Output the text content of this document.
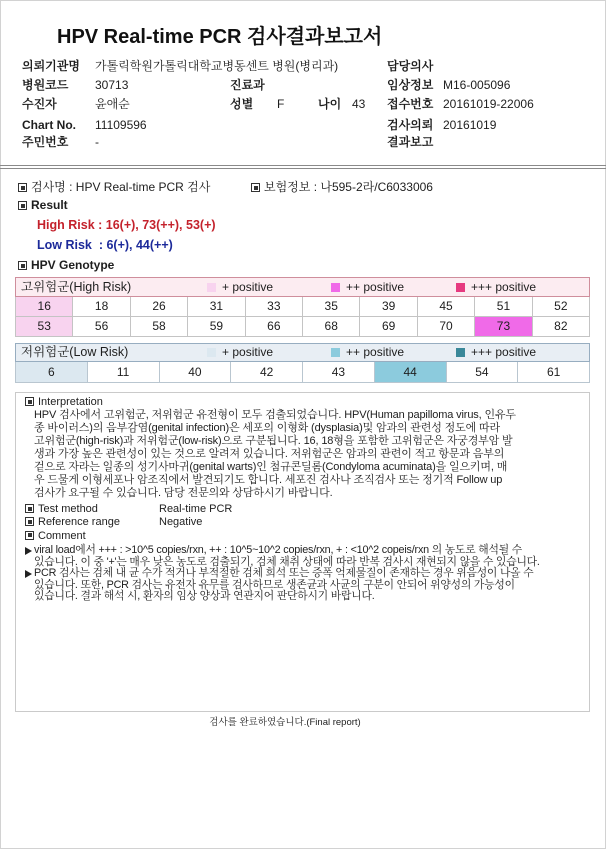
HPV Real-time PCR 검사결과보고서
의뢰기관명 가톨릭학원가톨릭대학교병동센트 병원(병리과)	담당의사
병원코드 30713	진료과	임상정보 M16-005096
수진자	윤애순	성별 F	나이 43 접수번호 20161019-22006
Chart No. 11109596	검사의뢰 20161019
주민번호 -	결과보고
검사명 : HPV Real-time PCR 검사	보험정보 : 나595-2라/C6033006
Result
High Risk : 16(+), 73(++), 53(+)
Low Risk  : 6(+), 44(++)
HPV Genotype
고위험군(High Risk)	+ positive	++ positive	+++ positive
16	18	26	31	33	35	39	45	51	52
53	56	58	59	66	68	69	70	73	82
저위험군(Low Risk)	+ positive	++ positive	+++ positive
6	11	40	42	43	44	54	61
Interpretation
HPV 검사에서 고위험군, 저위험군 유전형이 모두 검출되었습니다. HPV(Human papilloma virus, 인유두
종 바이러스)의 음부감염(genital infection)은 세포의 이형화 (dysplasia)및 암과의 관련성 정도에 따라
고위험군(high-risk)과 저위험군(low-risk)으로 구분됩니다. 16, 18형을 포함한 고위험군은 자궁경부암 발
생과 가장 높은 관련성이 있는 것으로 알려져 있습니다. 저위험군은 암과의 관련이 적고 항문과 음부의
겉으로 자라는 일종의 성기사마귀(genital warts)인 첨규콘딜롬(Condyloma acuminata)을 일으키며, 매
우 드물게 이형세포나 암조직에서 발견되기도 합니다. 세포진 검사나 조직검사 또는 정기적 Follow up
검사가 요구될 수 있습니다. 담당 전문의와 상담하시기 바랍니다.
Test method	Real-time PCR
Reference range	Negative
Comment
viral load에서 +++ : >10^5 copies/rxn, ++ : 10^5~10^2 copies/rxn, + : <10^2 copeis/rxn 의 농도로 해석될 수
있습니다. 이 중 '+'는 매우 낮은 농도로 검출되기, 검체 채취 상태에 따라 반복 검사시 재현되지 않을 수 있습니다.
PCR 검사는 검체 내 균 수가 적거나 부적절한 검체 희석 또는 증폭 억제물질이 존재하는 경우 위음성이 나올 수
있습니다. 또한, PCR 검사는 유전자 유무를 검사하므로 생존균과 사균의 구분이 안되어 위양성의 가능성이
있습니다. 결과 해석 시, 환자의 임상 양상과 연관지어 판단하시기 바랍니다.
검사를 완료하였습니다.(Final report)
